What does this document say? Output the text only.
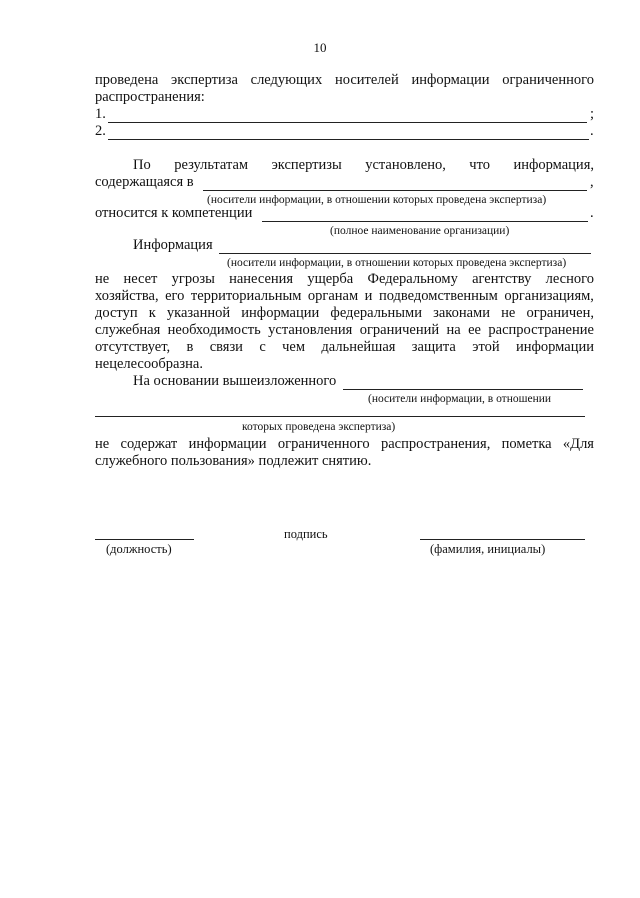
10
проведена экспертиза следующих носителей информации ограниченного
распространения:
1.	;
2.	.
По результатам экспертизы установлено, что информация,
содержащаяся в	,
(носители информации, в отношении которых проведена экспертиза)
относится к компетенции	.
(полное наименование организации)
Информация
(носители информации, в отношении которых проведена экспертиза)
не несет угрозы нанесения ущерба Федеральному агентству лесного
хозяйства, его территориальным органам и подведомственным организациям,
доступ к указанной информации федеральными законами не ограничен,
служебная необходимость установления ограничений на ее распространение
отсутствует, в связи с чем дальнейшая защита этой информации
нецелесообразна.
На основании вышеизложенного
(носители информации, в отношении
которых проведена экспертиза)
не содержат информации ограниченного распространения, пометка «Для
служебного пользования» подлежит снятию.
(должность)
подпись
(фамилия, инициалы)
